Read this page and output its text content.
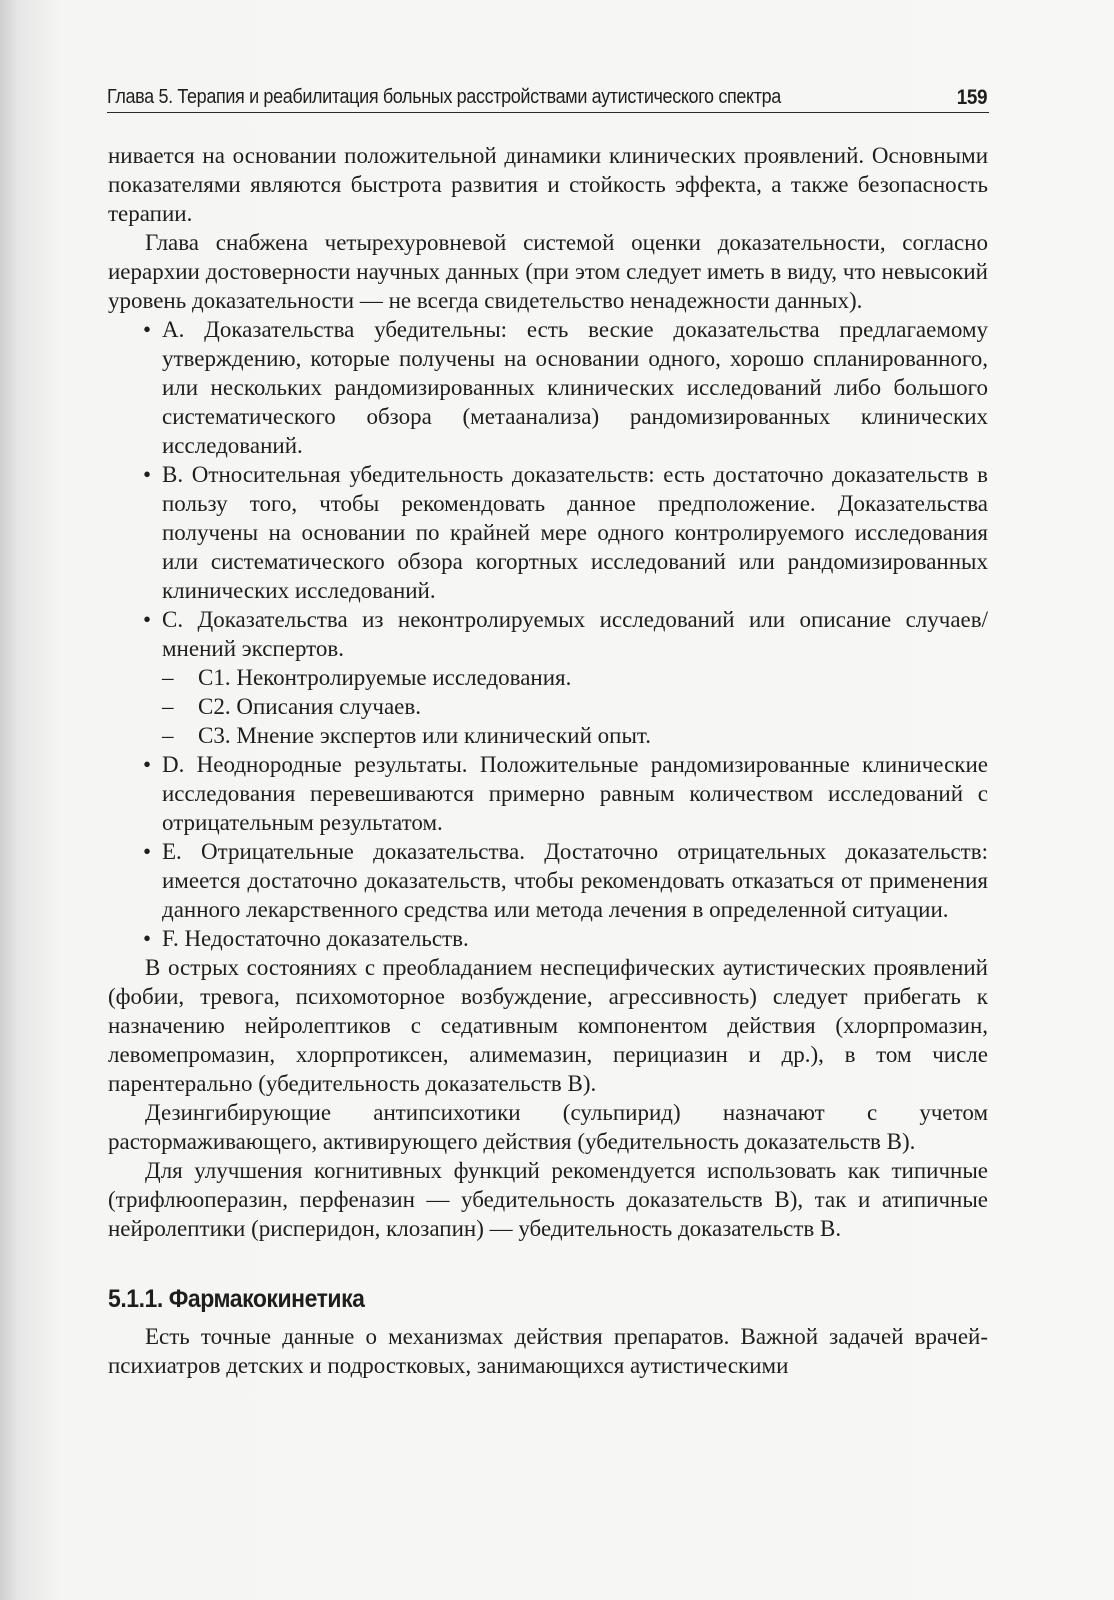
Глава 5. Терапия и реабилитация больных расстройствами аутистического спектра	159

нивается на основании положительной динамики клинических проявлений. Основными показателями являются быстрота развития и стойкость эффекта, а также безопасность терапии.

Глава снабжена четырехуровневой системой оценки доказательности, согласно иерархии достоверности научных данных (при этом следует иметь в виду, что невысокий уровень доказательности — не всегда свидетельство ненадежности данных).

• A. Доказательства убедительны: есть веские доказательства предлагаемому утверждению, которые получены на основании одного, хорошо спланированного, или нескольких рандомизированных клинических исследований либо большого систематического обзора (метаанализа) рандомизированных клинических исследований.
• B. Относительная убедительность доказательств: есть достаточно доказательств в пользу того, чтобы рекомендовать данное предположение. Доказательства получены на основании по крайней мере одного контролируемого исследования или систематического обзора когортных исследований или рандомизированных клинических исследований.
• C. Доказательства из неконтролируемых исследований или описание случаев/мнений экспертов.
– C1. Неконтролируемые исследования.
– C2. Описания случаев.
– C3. Мнение экспертов или клинический опыт.
• D. Неоднородные результаты. Положительные рандомизированные клинические исследования перевешиваются примерно равным количеством исследований с отрицательным результатом.
• E. Отрицательные доказательства. Достаточно отрицательных доказательств: имеется достаточно доказательств, чтобы рекомендовать отказаться от применения данного лекарственного средства или метода лечения в определенной ситуации.
• F. Недостаточно доказательств.

В острых состояниях с преобладанием неспецифических аутистических проявлений (фобии, тревога, психомоторное возбуждение, агрессивность) следует прибегать к назначению нейролептиков с седативным компонентом действия (хлорпромазин, левомепромазин, хлорпротиксен, алимемазин, перициазин и др.), в том числе парентерально (убедительность доказательств B).

Дезингибирующие антипсихотики (сульпирид) назначают с учетом растормаживающего, активирующего действия (убедительность доказательств B).

Для улучшения когнитивных функций рекомендуется использовать как типичные (трифлюоперазин, перфеназин — убедительность доказательств B), так и атипичные нейролептики (рисперидон, клозапин) — убедительность доказательств B.

5.1.1. Фармакокинетика

Есть точные данные о механизмах действия препаратов. Важной задачей врачей-психиатров детских и подростковых, занимающихся аутистическими
